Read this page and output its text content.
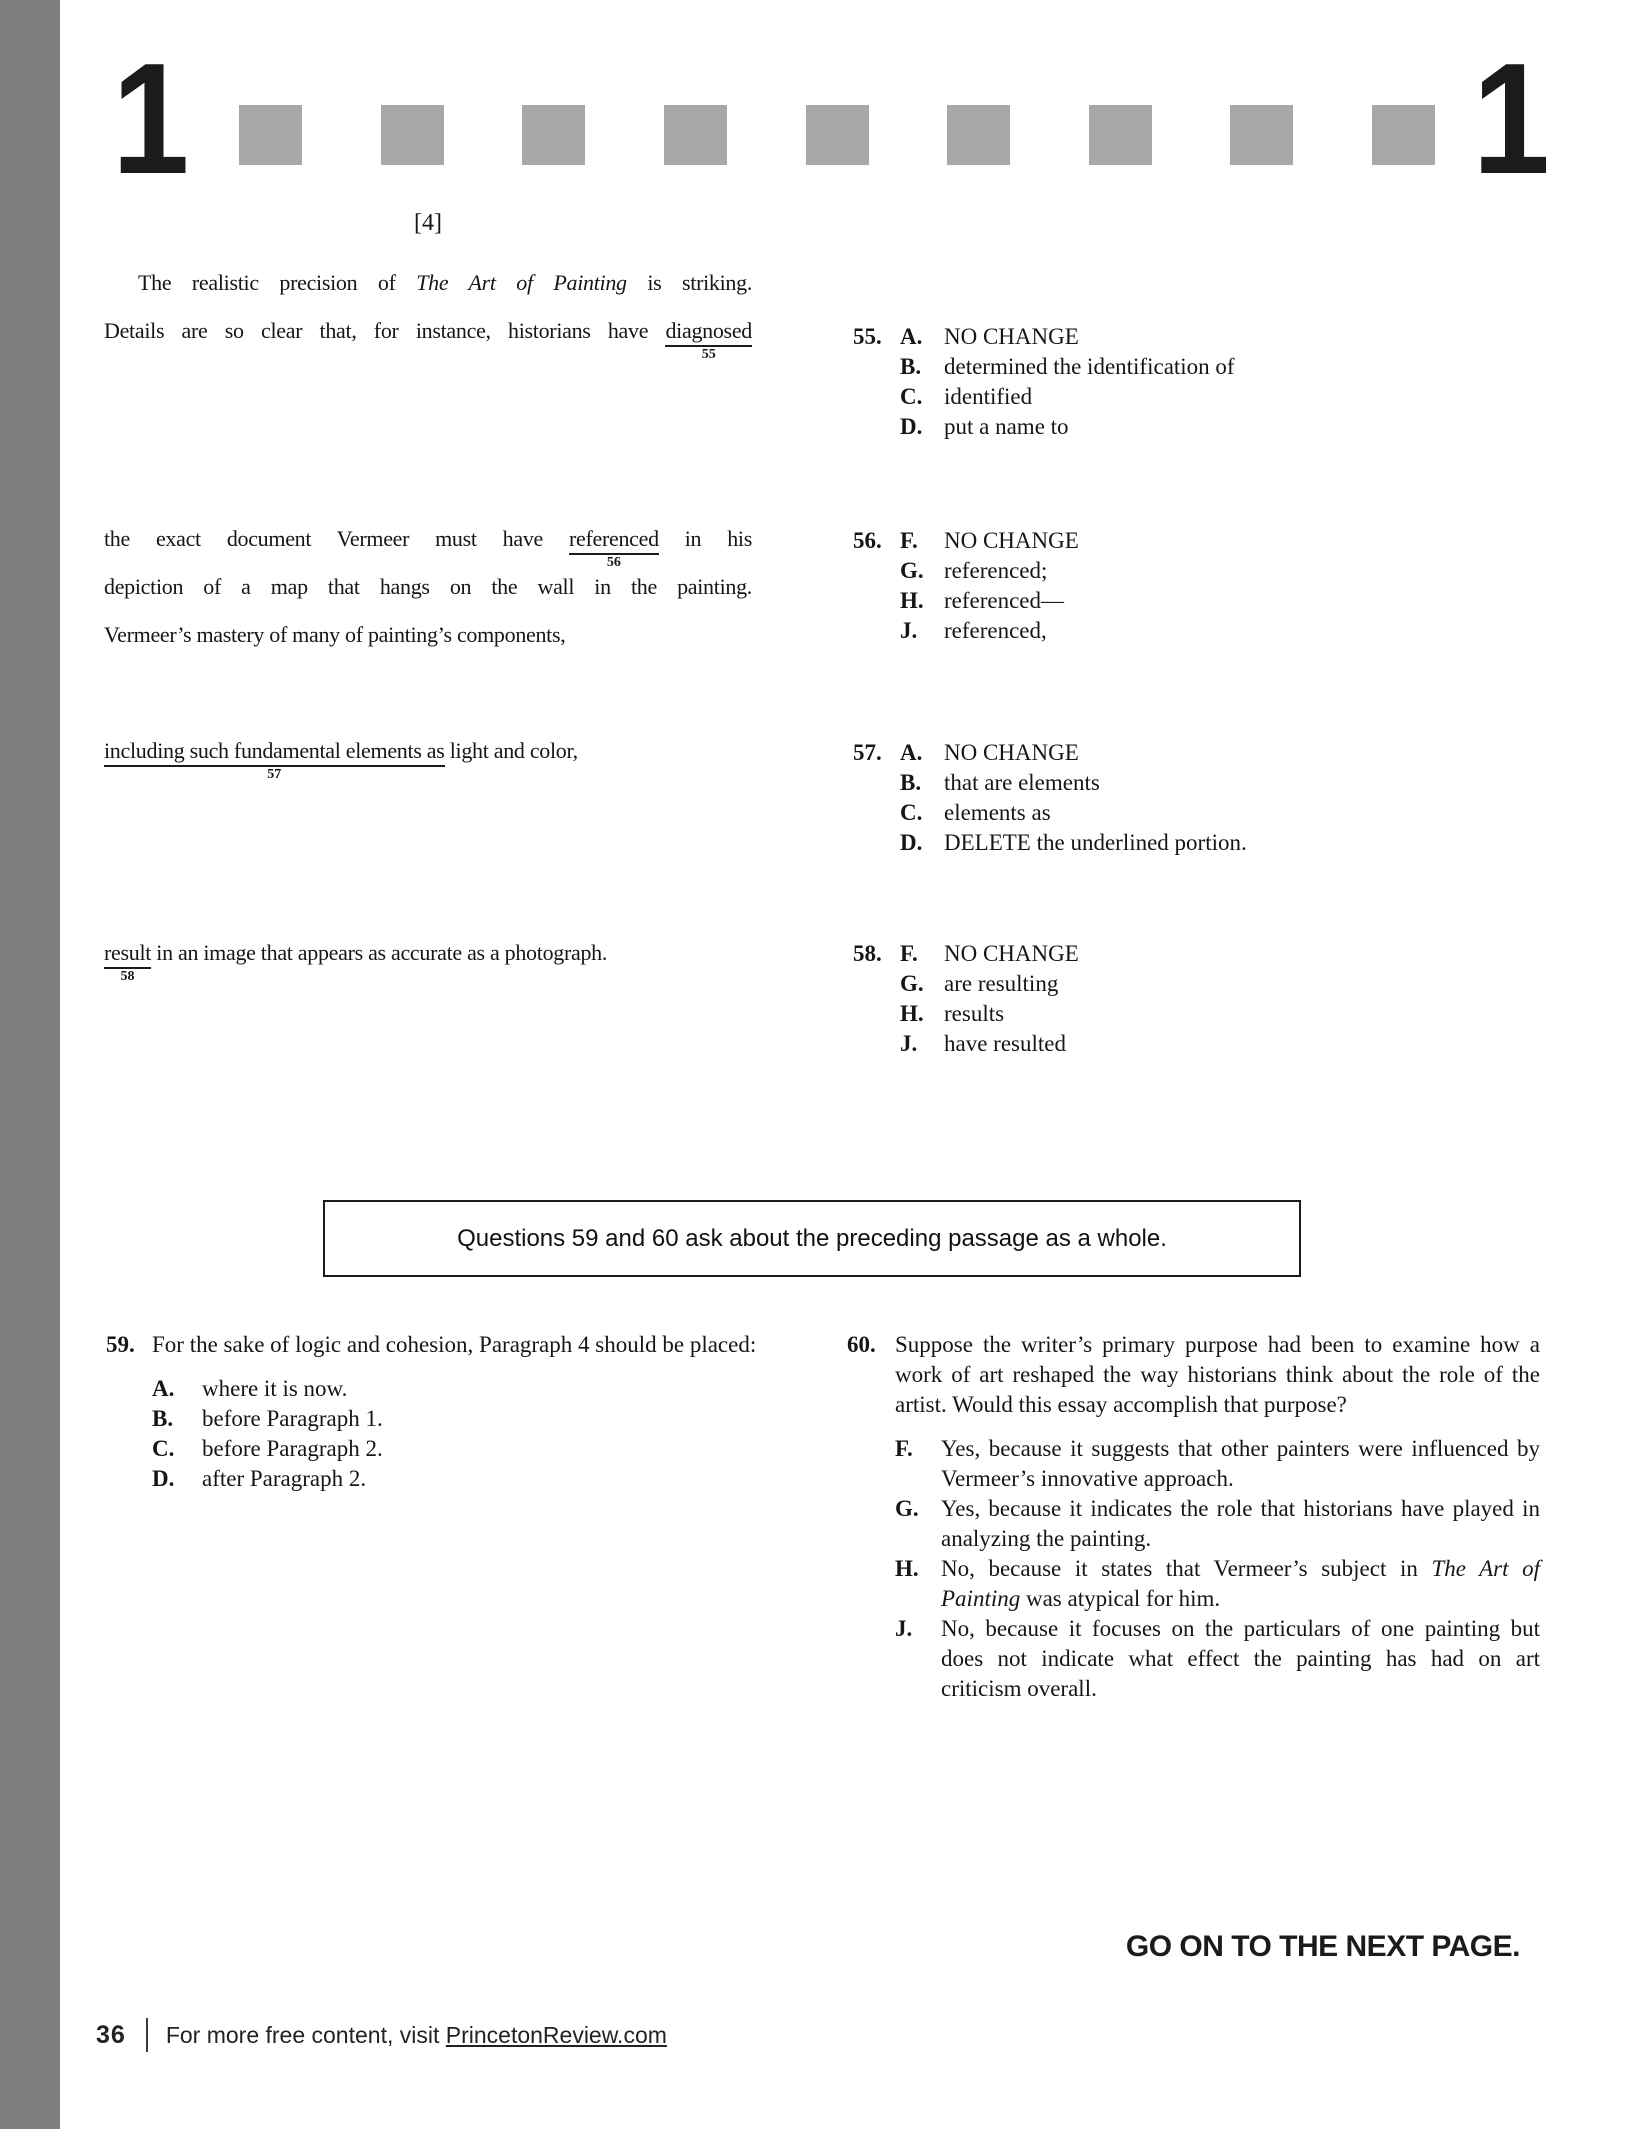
1	1
[4]
The realistic precision of The Art of Painting is striking.
Details are so clear that, for instance, historians have diagnosed
55
the exact document Vermeer must have referenced
56
in his
depiction of a map that hangs on the wall in the painting.
Vermeer’s mastery of many of painting’s components,
including such fundamental elements as
57
light and color,
result
58
in an image that appears as accurate as a photograph.
55. A. NO CHANGE
B. determined the identification of
C. identified
D. put a name to
56. F.	NO CHANGE
G. referenced;
H. referenced—
J.	referenced,
57. A. NO CHANGE
B. that are elements
C. elements as
D. DELETE the underlined portion.
58. F.	NO CHANGE
G. are resulting
H. results
J.	have resulted
Questions 59 and 60 ask about the preceding passage as a whole.
59. For the sake of logic and cohesion, Paragraph 4 should be placed:
A.	where it is now.
B.	before Paragraph 1.
C.	before Paragraph 2.
D.	after Paragraph 2.
60. Suppose the writer’s primary purpose had been to examine how a work of art reshaped the way historians think about the role of the artist. Would this essay accomplish that purpose?
F.	Yes, because it suggests that other painters were influenced by Vermeer’s innovative approach.
G. Yes, because it indicates the role that historians have played in analyzing the painting.
H. No, because it states that Vermeer’s subject in The Art of Painting was atypical for him.
J.	No, because it focuses on the particulars of one painting but does not indicate what effect the painting has had on art criticism overall.
GO ON TO THE NEXT PAGE.
36 For more free content, visit PrincetonReview.com
